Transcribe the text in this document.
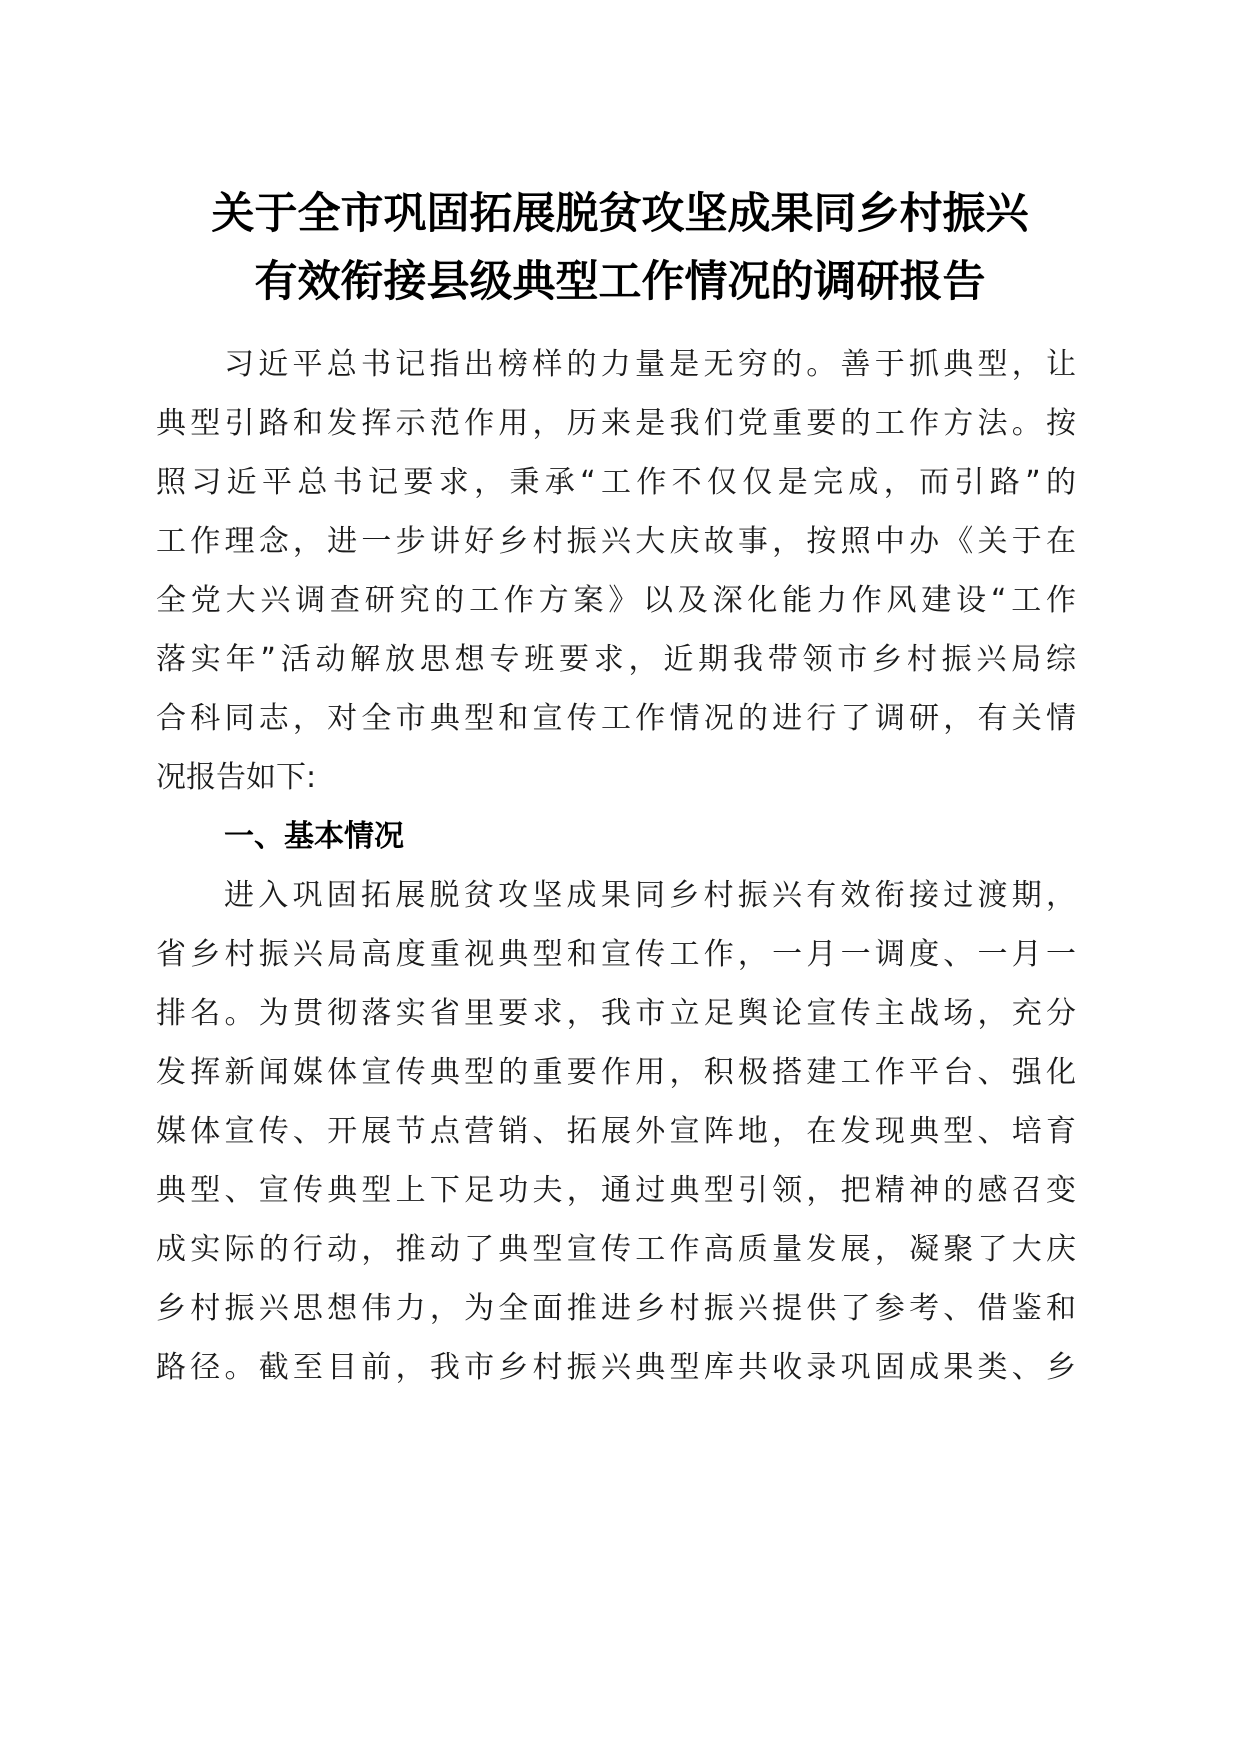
关于全市巩固拓展脱贫攻坚成果同乡村振兴
有效衔接县级典型工作情况的调研报告
习近平总书记指出榜样的力量是无穷的。善于抓典型，让
典型引路和发挥示范作用，历来是我们党重要的工作方法。按
照习近平总书记要求，秉承“工作不仅仅是完成，而引路”的
工作理念，进一步讲好乡村振兴大庆故事，按照中办《关于在
全党大兴调查研究的工作方案》以及深化能力作风建设“工作
落实年”活动解放思想专班要求，近期我带领市乡村振兴局综
合科同志，对全市典型和宣传工作情况的进行了调研，有关情
况报告如下:
一、基本情况
进入巩固拓展脱贫攻坚成果同乡村振兴有效衔接过渡期，
省乡村振兴局高度重视典型和宣传工作，一月一调度、一月一
排名。为贯彻落实省里要求，我市立足舆论宣传主战场，充分
发挥新闻媒体宣传典型的重要作用，积极搭建工作平台、强化
媒体宣传、开展节点营销、拓展外宣阵地，在发现典型、培育
典型、宣传典型上下足功夫，通过典型引领，把精神的感召变
成实际的行动，推动了典型宣传工作高质量发展，凝聚了大庆
乡村振兴思想伟力，为全面推进乡村振兴提供了参考、借鉴和
路径。截至目前，我市乡村振兴典型库共收录巩固成果类、乡
